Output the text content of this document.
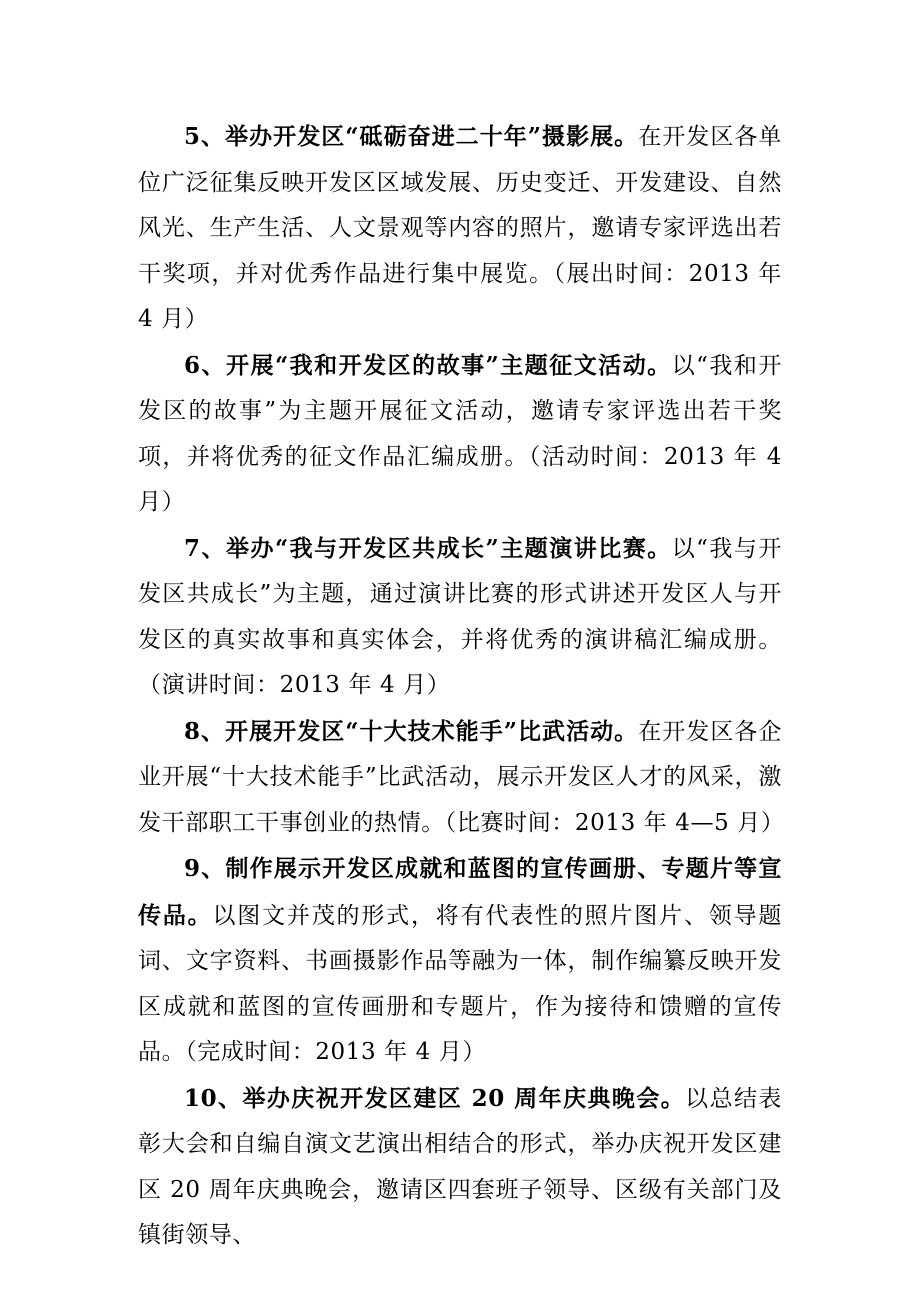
5、举办开发区“砥砺奋进二十年”摄影展。在开发区各单位广泛征集反映开发区区域发展、历史变迁、开发建设、自然风光、生产生活、人文景观等内容的照片，邀请专家评选出若干奖项，并对优秀作品进行集中展览。（展出时间：2013 年 4 月）

6、开展“我和开发区的故事”主题征文活动。以“我和开发区的故事”为主题开展征文活动，邀请专家评选出若干奖项，并将优秀的征文作品汇编成册。（活动时间：2013 年 4 月）

7、举办“我与开发区共成长”主题演讲比赛。以“我与开发区共成长”为主题，通过演讲比赛的形式讲述开发区人与开发区的真实故事和真实体会，并将优秀的演讲稿汇编成册。（演讲时间：2013 年 4 月）

8、开展开发区“十大技术能手”比武活动。在开发区各企业开展“十大技术能手”比武活动，展示开发区人才的风采，激发干部职工干事创业的热情。（比赛时间：2013 年 4—5 月）

9、制作展示开发区成就和蓝图的宣传画册、专题片等宣传品。以图文并茂的形式，将有代表性的照片图片、领导题词、文字资料、书画摄影作品等融为一体，制作编纂反映开发区成就和蓝图的宣传画册和专题片，作为接待和馈赠的宣传品。（完成时间：2013 年 4 月）

10、举办庆祝开发区建区 20 周年庆典晚会。以总结表彰大会和自编自演文艺演出相结合的形式，举办庆祝开发区建区 20 周年庆典晚会，邀请区四套班子领导、区级有关部门及镇街领导、
